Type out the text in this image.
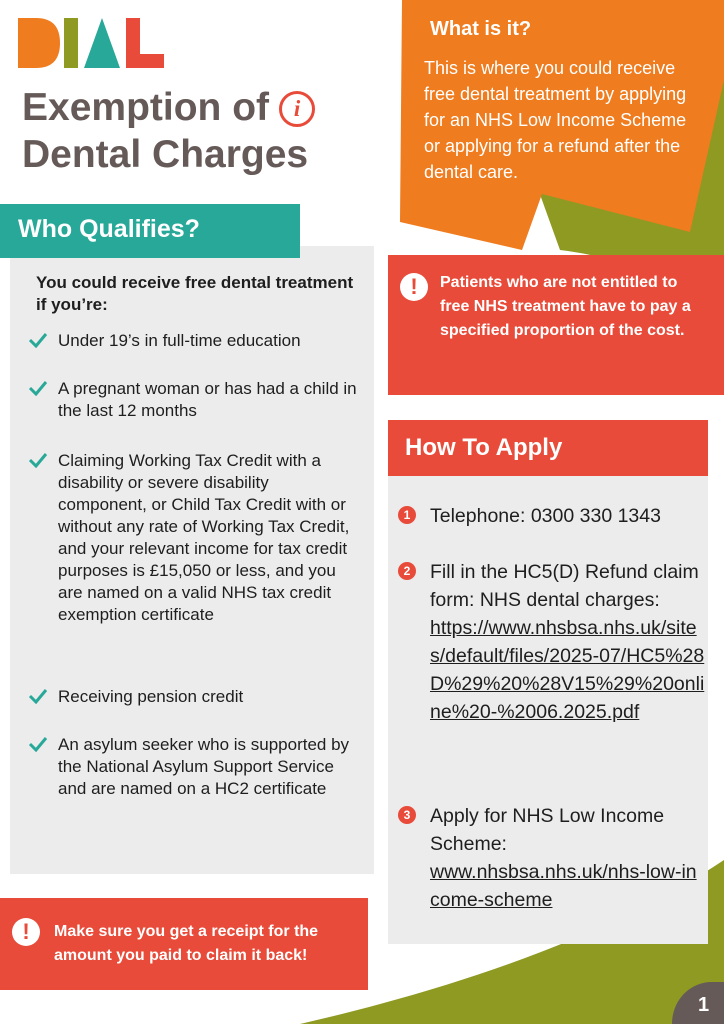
Exemption of i
Dental Charges
What is it?
This is where you could receive free dental treatment by applying for an NHS Low Income Scheme or applying for a refund after the dental care.
You could receive free dental treatment if you’re:
Under 19’s in full-time education
A pregnant woman or has had a child in the last 12 months
Claiming Working Tax Credit with a disability or severe disability component, or Child Tax Credit with or without any rate of Working Tax Credit, and your relevant income for tax credit purposes is £15,050 or less, and you are named on a valid NHS tax credit exemption certificate
Receiving pension credit
An asylum seeker who is supported by the National Asylum Support Service and are named on a HC2 certificate
Who Qualifies?
!	Make sure you get a receipt for the amount you paid to claim it back!
!	Patients who are not entitled to free NHS treatment have to pay a specified proportion of the cost.
How To Apply
1 Telephone: 0300 330 1343
2 Fill in the HC5(D) Refund claim form: NHS dental charges:
https://www.nhsbsa.nhs.uk/sites/default/files/2025-07/HC5%28D%29%20%28V15%29%20online%20-%2006.2025.pdf
3 Apply for NHS Low Income Scheme:
www.nhsbsa.nhs.uk/nhs-low-income-scheme
1
